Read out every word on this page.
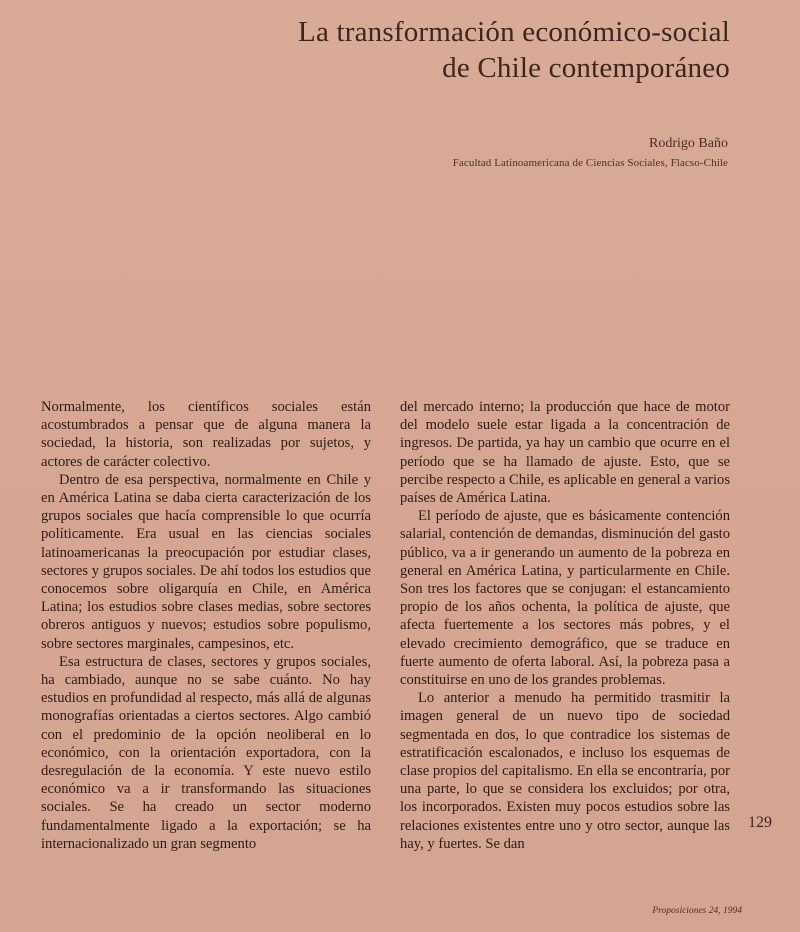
La transformación económico-social
de Chile contemporáneo
Rodrigo Baño
Facultad Latinoamericana de Ciencias Sociales, Flacso-Chile

Normalmente, los científicos sociales están acostumbrados a pensar que de alguna manera la sociedad, la historia, son realizadas por sujetos, y actores de carácter colectivo.

Dentro de esa perspectiva, normalmente en Chile y en América Latina se daba cierta caracterización de los grupos sociales que hacía comprensible lo que ocurría políticamente. Era usual en las ciencias sociales latinoamericanas la preocupación por estudiar clases, sectores y grupos sociales. De ahí todos los estudios que conocemos sobre oligarquía en Chile, en América Latina; los estudios sobre clases medias, sobre sectores obreros antiguos y nuevos; estudios sobre populismo, sobre sectores marginales, campesinos, etc.

Esa estructura de clases, sectores y grupos sociales, ha cambiado, aunque no se sabe cuánto. No hay estudios en profundidad al respecto, más allá de algunas monografías orientadas a ciertos sectores. Algo cambió con el predominio de la opción neoliberal en lo económico, con la orientación exportadora, con la desregulación de la economía. Y este nuevo estilo económico va a ir transformando las situaciones sociales. Se ha creado un sector moderno fundamentalmente ligado a la exportación; se ha internacionalizado un gran segmento

del mercado interno; la producción que hace de motor del modelo suele estar ligada a la concentración de ingresos. De partida, ya hay un cambio que ocurre en el período que se ha llamado de ajuste. Esto, que se percibe respecto a Chile, es aplicable en general a varios países de América Latina.

El período de ajuste, que es básicamente contención salarial, contención de demandas, disminución del gasto público, va a ir generando un aumento de la pobreza en general en América Latina, y particularmente en Chile. Son tres los factores que se conjugan: el estancamiento propio de los años ochenta, la política de ajuste, que afecta fuertemente a los sectores más pobres, y el elevado crecimiento demográfico, que se traduce en fuerte aumento de oferta laboral. Así, la pobreza pasa a constituirse en uno de los grandes problemas.

Lo anterior a menudo ha permitido trasmitir la imagen general de un nuevo tipo de sociedad segmentada en dos, lo que contradice los sistemas de estratificación escalonados, e incluso los esquemas de clase propios del capitalismo. En ella se encontraría, por una parte, lo que se considera los excluidos; por otra, los incorporados. Existen muy pocos estudios sobre las relaciones existentes entre uno y otro sector, aunque las hay, y fuertes. Se dan

129
Proposiciones 24, 1994
